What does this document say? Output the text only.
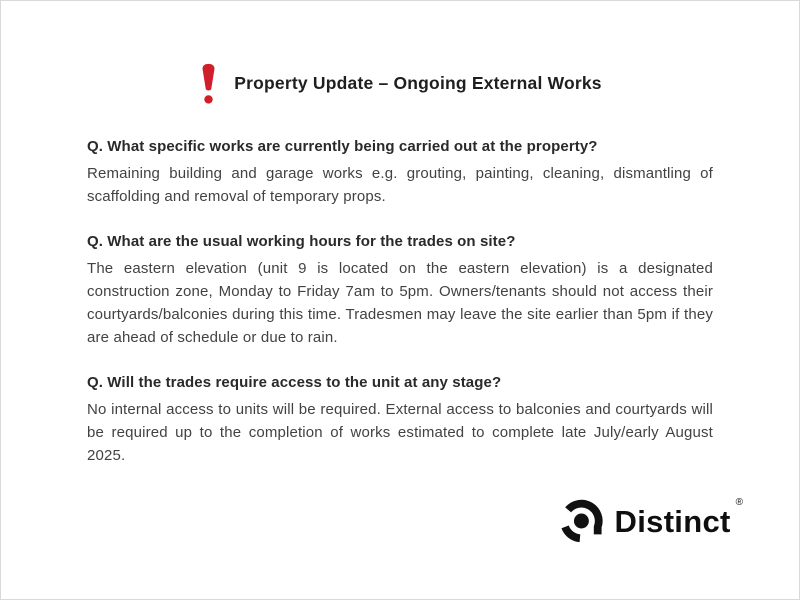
Property Update – Ongoing External Works

Q. What specific works are currently being carried out at the property?

Remaining building and garage works e.g. grouting, painting, cleaning, dismantling of scaffolding and removal of temporary props.

Q. What are the usual working hours for the trades on site?

The eastern elevation (unit 9 is located on the eastern elevation) is a designated construction zone, Monday to Friday 7am to 5pm. Owners/tenants should not access their courtyards/balconies during this time. Tradesmen may leave the site earlier than 5pm if they are ahead of schedule or due to rain.

Q. Will the trades require access to the unit at any stage?

No internal access to units will be required. External access to balconies and courtyards will be required up to the completion of works estimated to complete late July/early August 2025.

Distinct
®
